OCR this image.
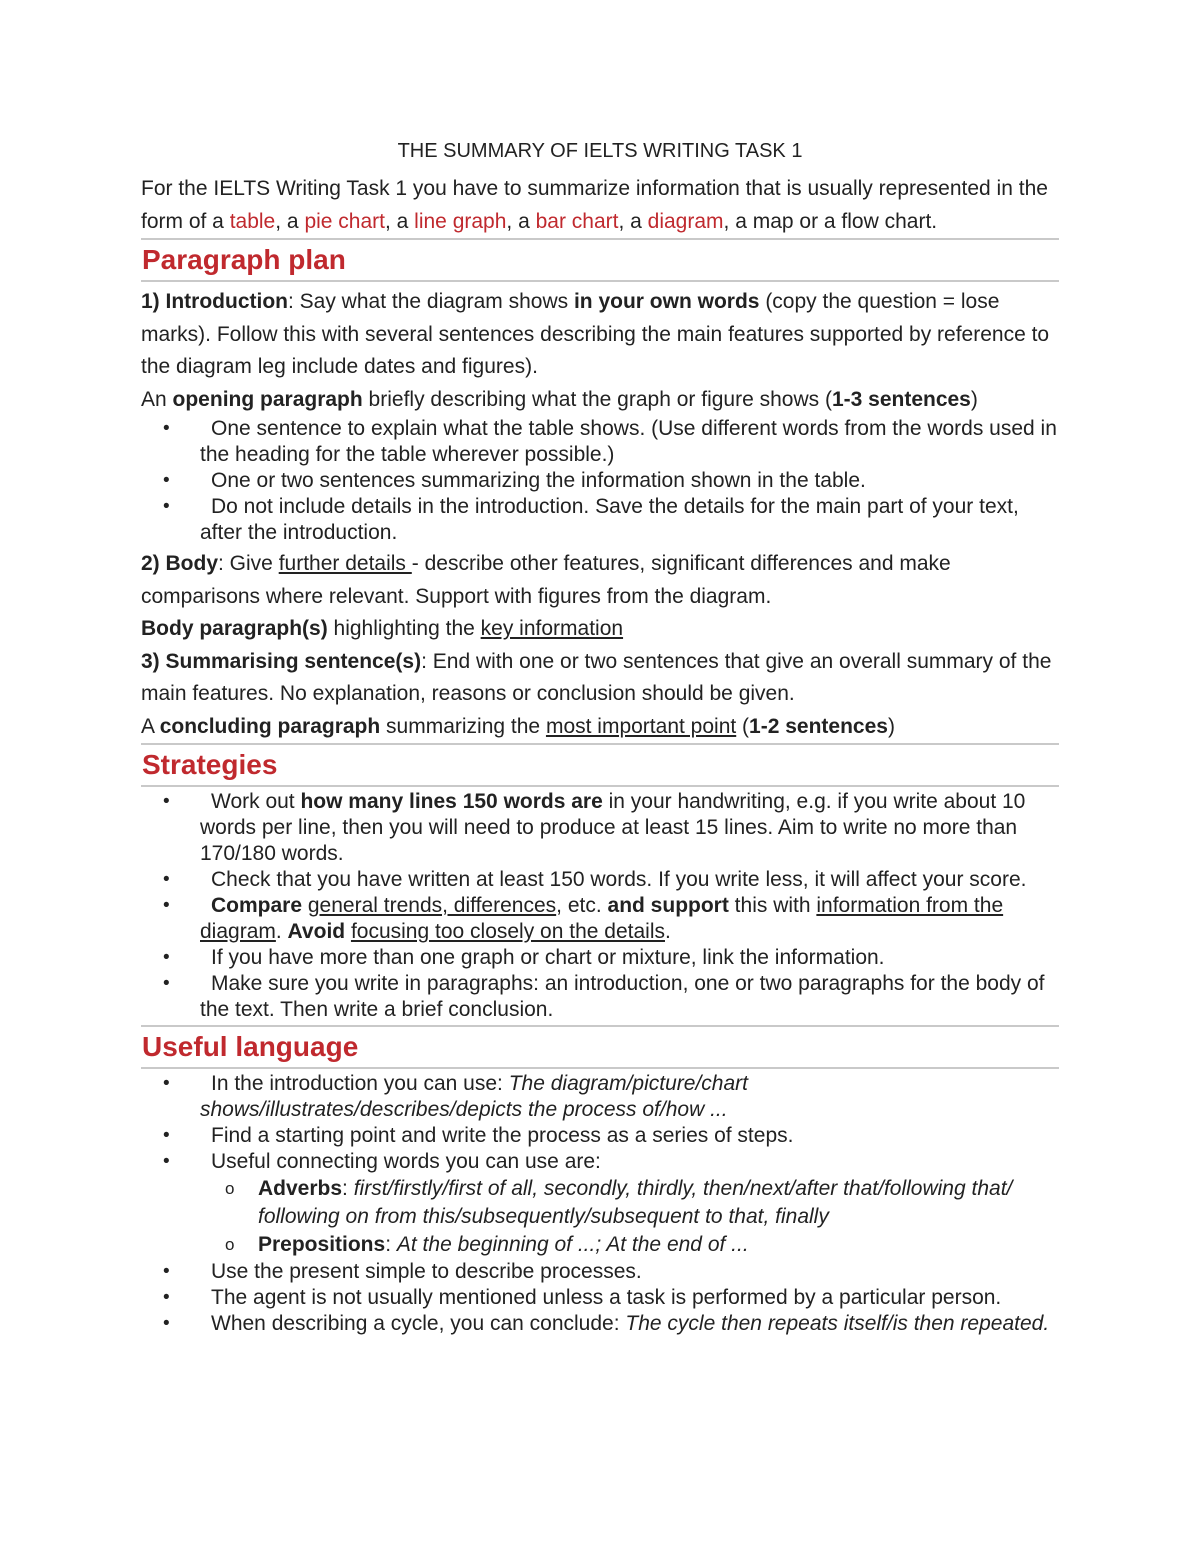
THE SUMMARY OF IELTS WRITING TASK 1

For the IELTS Writing Task 1 you have to summarize information that is usually represented in the form of a table, a pie chart, a line graph, a bar chart, a diagram, a map or a flow chart.

Paragraph plan

1) Introduction: Say what the diagram shows in your own words (copy the question = lose marks). Follow this with several sentences describing the main features supported by reference to the diagram leg include dates and figures).

An opening paragraph briefly describing what the graph or figure shows (1-3 sentences)

• One sentence to explain what the table shows. (Use different words from the words used in the heading for the table wherever possible.)
• One or two sentences summarizing the information shown in the table.
• Do not include details in the introduction. Save the details for the main part of your text, after the introduction.

2) Body: Give further details - describe other features, significant differences and make comparisons where relevant. Support with figures from the diagram.

Body paragraph(s) highlighting the key information

3) Summarising sentence(s): End with one or two sentences that give an overall summary of the main features. No explanation, reasons or conclusion should be given.

A concluding paragraph summarizing the most important point (1-2 sentences)

Strategies
• Work out how many lines 150 words are in your handwriting, e.g. if you write about 10 words per line, then you will need to produce at least 15 lines. Aim to write no more than 170/180 words.
• Check that you have written at least 150 words. If you write less, it will affect your score.
• Compare general trends, differences, etc. and support this with information from the diagram. Avoid focusing too closely on the details.
• If you have more than one graph or chart or mixture, link the information.
• Make sure you write in paragraphs: an introduction, one or two paragraphs for the body of the text. Then write a brief conclusion.
Useful language
• In the introduction you can use: The diagram/picture/chart shows/illustrates/describes/depicts the process of/how ...
• Find a starting point and write the process as a series of steps.
• Useful connecting words you can use are:
o Adverbs: first/firstly/first of all, secondly, thirdly, then/next/after that/following that/ following on from this/subsequently/subsequent to that, finally
o Prepositions: At the beginning of ...; At the end of ...
• Use the present simple to describe processes.
• The agent is not usually mentioned unless a task is performed by a particular person.
• When describing a cycle, you can conclude: The cycle then repeats itself/is then repeated.
